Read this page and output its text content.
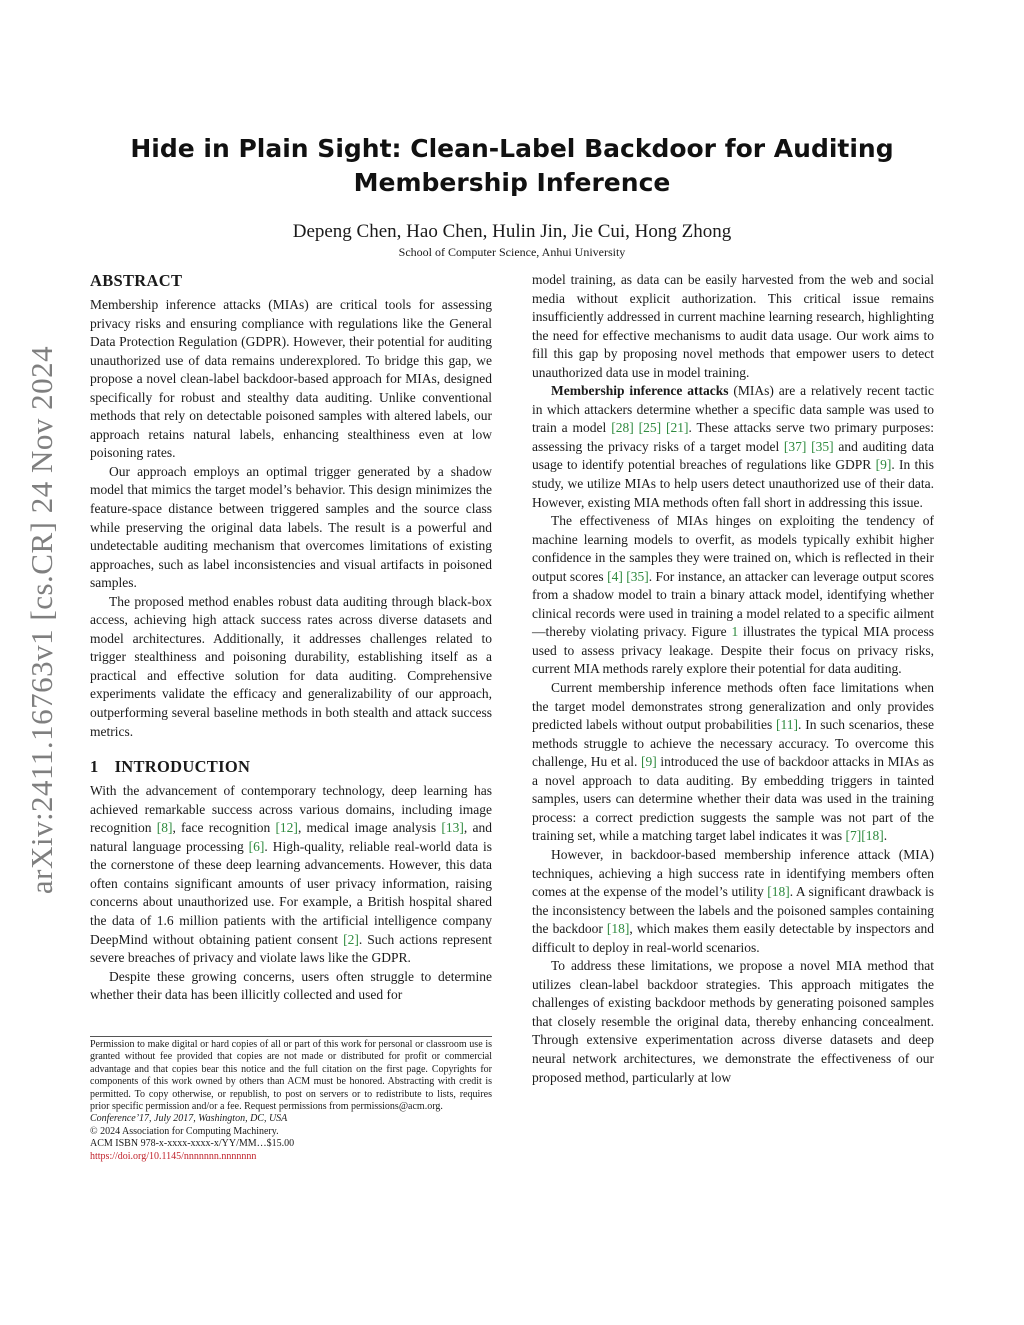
arXiv:2411.16763v1 [cs.CR] 24 Nov 2024
Hide in Plain Sight: Clean-Label Backdoor for Auditing Membership Inference
Depeng Chen, Hao Chen, Hulin Jin, Jie Cui, Hong Zhong
School of Computer Science, Anhui University
ABSTRACT

Membership inference attacks (MIAs) are critical tools for assessing privacy risks and ensuring compliance with regulations like the General Data Protection Regulation (GDPR). However, their potential for auditing unauthorized use of data remains underexplored. To bridge this gap, we propose a novel clean-label backdoor-based approach for MIAs, designed specifically for robust and stealthy data auditing. Unlike conventional methods that rely on detectable poisoned samples with altered labels, our approach retains natural labels, enhancing stealthiness even at low poisoning rates.

Our approach employs an optimal trigger generated by a shadow model that mimics the target model’s behavior. This design minimizes the feature-space distance between triggered samples and the source class while preserving the original data labels. The result is a powerful and undetectable auditing mechanism that overcomes limitations of existing approaches, such as label inconsistencies and visual artifacts in poisoned samples.

The proposed method enables robust data auditing through black-box access, achieving high attack success rates across diverse datasets and model architectures. Additionally, it addresses challenges related to trigger stealthiness and poisoning durability, establishing itself as a practical and effective solution for data auditing. Comprehensive experiments validate the efficacy and generalizability of our approach, outperforming several baseline methods in both stealth and attack success metrics.

1 INTRODUCTION

With the advancement of contemporary technology, deep learning has achieved remarkable success across various domains, including image recognition [8], face recognition [12], medical image analysis [13], and natural language processing [6]. High-quality, reliable real-world data is the cornerstone of these deep learning advancements. However, this data often contains significant amounts of user privacy information, raising concerns about unauthorized use. For example, a British hospital shared the data of 1.6 million patients with the artificial intelligence company DeepMind without obtaining patient consent [2]. Such actions represent severe breaches of privacy and violate laws like the GDPR.

Despite these growing concerns, users often struggle to determine whether their data has been illicitly collected and used for

Permission to make digital or hard copies of all or part of this work for personal or classroom use is granted without fee provided that copies are not made or distributed for profit or commercial advantage and that copies bear this notice and the full citation on the first page. Copyrights for components of this work owned by others than ACM must be honored. Abstracting with credit is permitted. To copy otherwise, or republish, to post on servers or to redistribute to lists, requires prior specific permission and/or a fee. Request permissions from permissions@acm.org.
Conference’17, July 2017, Washington, DC, USA
© 2024 Association for Computing Machinery.
ACM ISBN 978-x-xxxx-xxxx-x/YY/MM…$15.00
https://doi.org/10.1145/nnnnnnn.nnnnnnn

model training, as data can be easily harvested from the web and social media without explicit authorization. This critical issue remains insufficiently addressed in current machine learning research, highlighting the need for effective mechanisms to audit data usage. Our work aims to fill this gap by proposing novel methods that empower users to detect unauthorized data use in model training.

Membership inference attacks (MIAs) are a relatively recent tactic in which attackers determine whether a specific data sample was used to train a model [28] [25] [21]. These attacks serve two primary purposes: assessing the privacy risks of a target model [37] [35] and auditing data usage to identify potential breaches of regulations like GDPR [9]. In this study, we utilize MIAs to help users detect unauthorized use of their data. However, existing MIA methods often fall short in addressing this issue.

The effectiveness of MIAs hinges on exploiting the tendency of machine learning models to overfit, as models typically exhibit higher confidence in the samples they were trained on, which is reflected in their output scores [4] [35]. For instance, an attacker can leverage output scores from a shadow model to train a binary attack model, identifying whether clinical records were used in training a model related to a specific ailment—thereby violating privacy. Figure 1 illustrates the typical MIA process used to assess privacy leakage. Despite their focus on privacy risks, current MIA methods rarely explore their potential for data auditing.

Current membership inference methods often face limitations when the target model demonstrates strong generalization and only provides predicted labels without output probabilities [11]. In such scenarios, these methods struggle to achieve the necessary accuracy. To overcome this challenge, Hu et al. [9] introduced the use of backdoor attacks in MIAs as a novel approach to data auditing. By embedding triggers in tainted samples, users can determine whether their data was used in the training process: a correct prediction suggests the sample was not part of the training set, while a matching target label indicates it was [7][18].

However, in backdoor-based membership inference attack (MIA) techniques, achieving a high success rate in identifying members often comes at the expense of the model’s utility [18]. A significant drawback is the inconsistency between the labels and the poisoned samples containing the backdoor [18], which makes them easily detectable by inspectors and difficult to deploy in real-world scenarios.

To address these limitations, we propose a novel MIA method that utilizes clean-label backdoor strategies. This approach mitigates the challenges of existing backdoor methods by generating poisoned samples that closely resemble the original data, thereby enhancing concealment. Through extensive experimentation across diverse datasets and deep neural network architectures, we demonstrate the effectiveness of our proposed method, particularly at low
